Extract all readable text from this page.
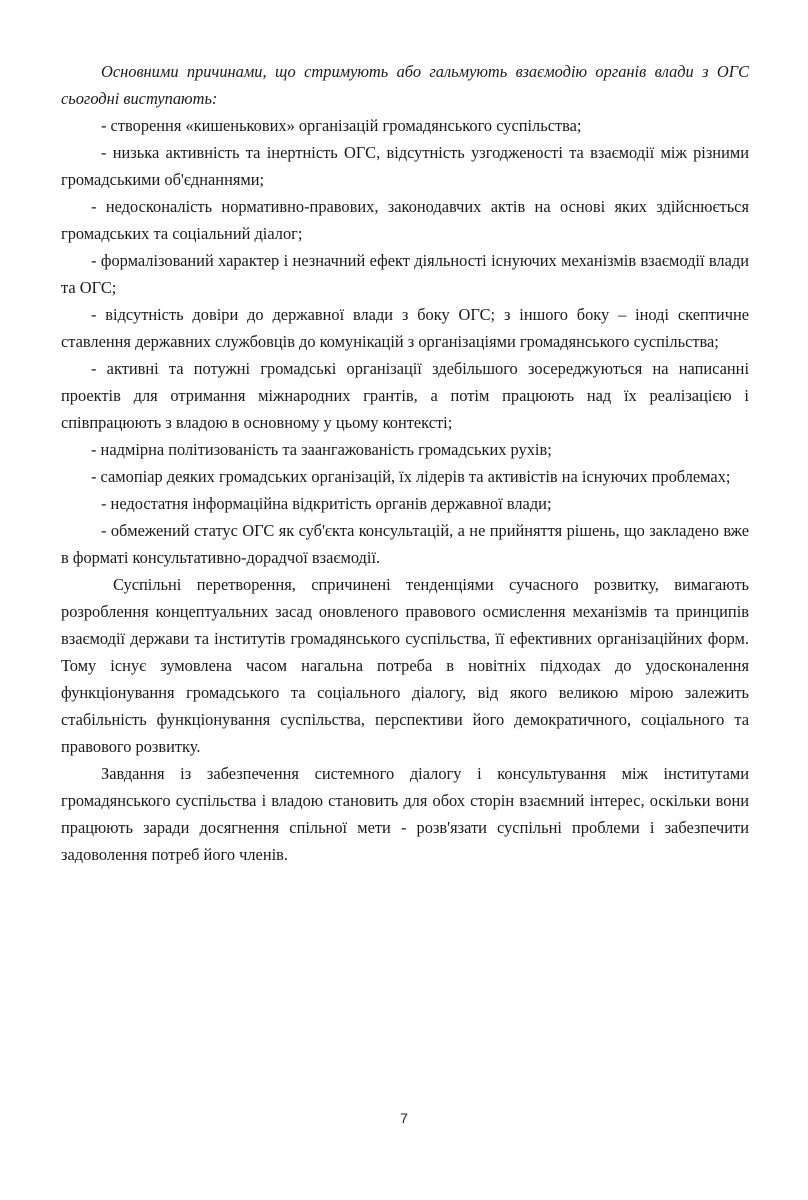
Основними причинами, що стримують або гальмують взаємодію органів влади з ОГС сьогодні виступають:

- створення «кишенькових» організацій громадянського суспільства;

- низька активність та інертність ОГС, відсутність узгодженості та взаємодії між різними громадськими об'єднаннями;

- недосконалість нормативно-правових, законодавчих актів на основі яких здійснюється громадських та соціальний діалог;

- формалізований характер і незначний ефект діяльності існуючих механізмів взаємодії влади та ОГС;

- відсутність довіри до державної влади з боку ОГС; з іншого боку – іноді скептичне ставлення державних службовців до комунікацій з організаціями громадянського суспільства;

- активні та потужні громадські організації здебільшого зосереджуються на написанні проектів для отримання міжнародних грантів, а потім працюють над їх реалізацією і співпрацюють з владою в основному у цьому контексті;

- надмірна політизованість та заангажованість громадських рухів;

- самопіар деяких громадських організацій, їх лідерів та активістів на існуючих проблемах;

- недостатня інформаційна відкритість органів державної влади;

- обмежений статус ОГС як суб'єкта консультацій, а не прийняття рішень, що закладено вже в форматі консультативно-дорадчої взаємодії.

Суспільні перетворення, спричинені тенденціями сучасного розвитку, вимагають розроблення концептуальних засад оновленого правового осмислення механізмів та принципів взаємодії держави та інститутів громадянського суспільства, її ефективних організаційних форм. Тому існує зумовлена часом нагальна потреба в новітніх підходах до удосконалення функціонування громадського та соціального діалогу, від якого великою мірою залежить стабільність функціонування суспільства, перспективи його демократичного, соціального та правового розвитку.

Завдання із забезпечення системного діалогу і консультування між інститутами громадянського суспільства і владою становить для обох сторін взаємний інтерес, оскільки вони працюють заради досягнення спільної мети - розв'язати суспільні проблеми і забезпечити задоволення потреб його членів.

7
